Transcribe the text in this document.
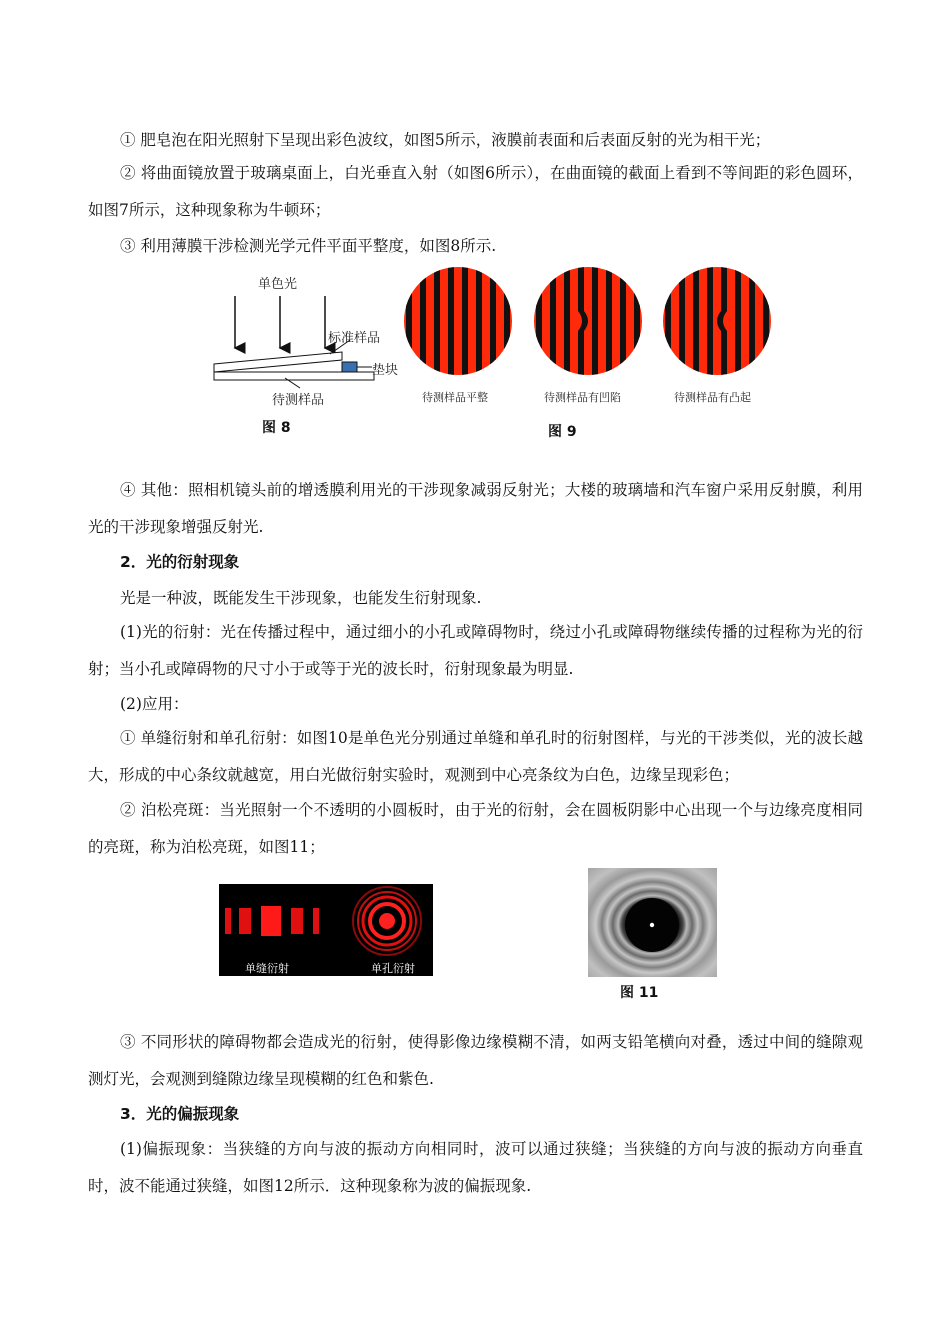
① 肥皂泡在阳光照射下呈现出彩色波纹，如图5所示，液膜前表面和后表面反射的光为相干光；

② 将曲面镜放置于玻璃桌面上，白光垂直入射（如图6所示），在曲面镜的截面上看到不等间距的彩色圆环，如图7所示，这种现象称为牛顿环；

③ 利用薄膜干涉检测光学元件平面平整度，如图8所示.

单色光
标准样品
垫块
待测样品
图 8
待测样品平整	待测样品有凹陷	待测样品有凸起
图 9

④ 其他：照相机镜头前的增透膜利用光的干涉现象减弱反射光；大楼的玻璃墙和汽车窗户采用反射膜，利用光的干涉现象增强反射光.

2．光的衍射现象

光是一种波，既能发生干涉现象，也能发生衍射现象.

(1)光的衍射：光在传播过程中，通过细小的小孔或障碍物时，绕过小孔或障碍物继续传播的过程称为光的衍射；当小孔或障碍物的尺寸小于或等于光的波长时，衍射现象最为明显.

(2)应用：

① 单缝衍射和单孔衍射：如图10是单色光分别通过单缝和单孔时的衍射图样，与光的干涉类似，光的波长越大，形成的中心条纹就越宽，用白光做衍射实验时，观测到中心亮条纹为白色，边缘呈现彩色；

② 泊松亮斑：当光照射一个不透明的小圆板时，由于光的衍射，会在圆板阴影中心出现一个与边缘亮度相同的亮斑，称为泊松亮斑，如图11；

单缝衍射	单孔衍射
图 11

③ 不同形状的障碍物都会造成光的衍射，使得影像边缘模糊不清，如两支铅笔横向对叠，透过中间的缝隙观测灯光，会观测到缝隙边缘呈现模糊的红色和紫色.

3．光的偏振现象

(1)偏振现象：当狭缝的方向与波的振动方向相同时，波可以通过狭缝；当狭缝的方向与波的振动方向垂直时，波不能通过狭缝，如图12所示．这种现象称为波的偏振现象.
